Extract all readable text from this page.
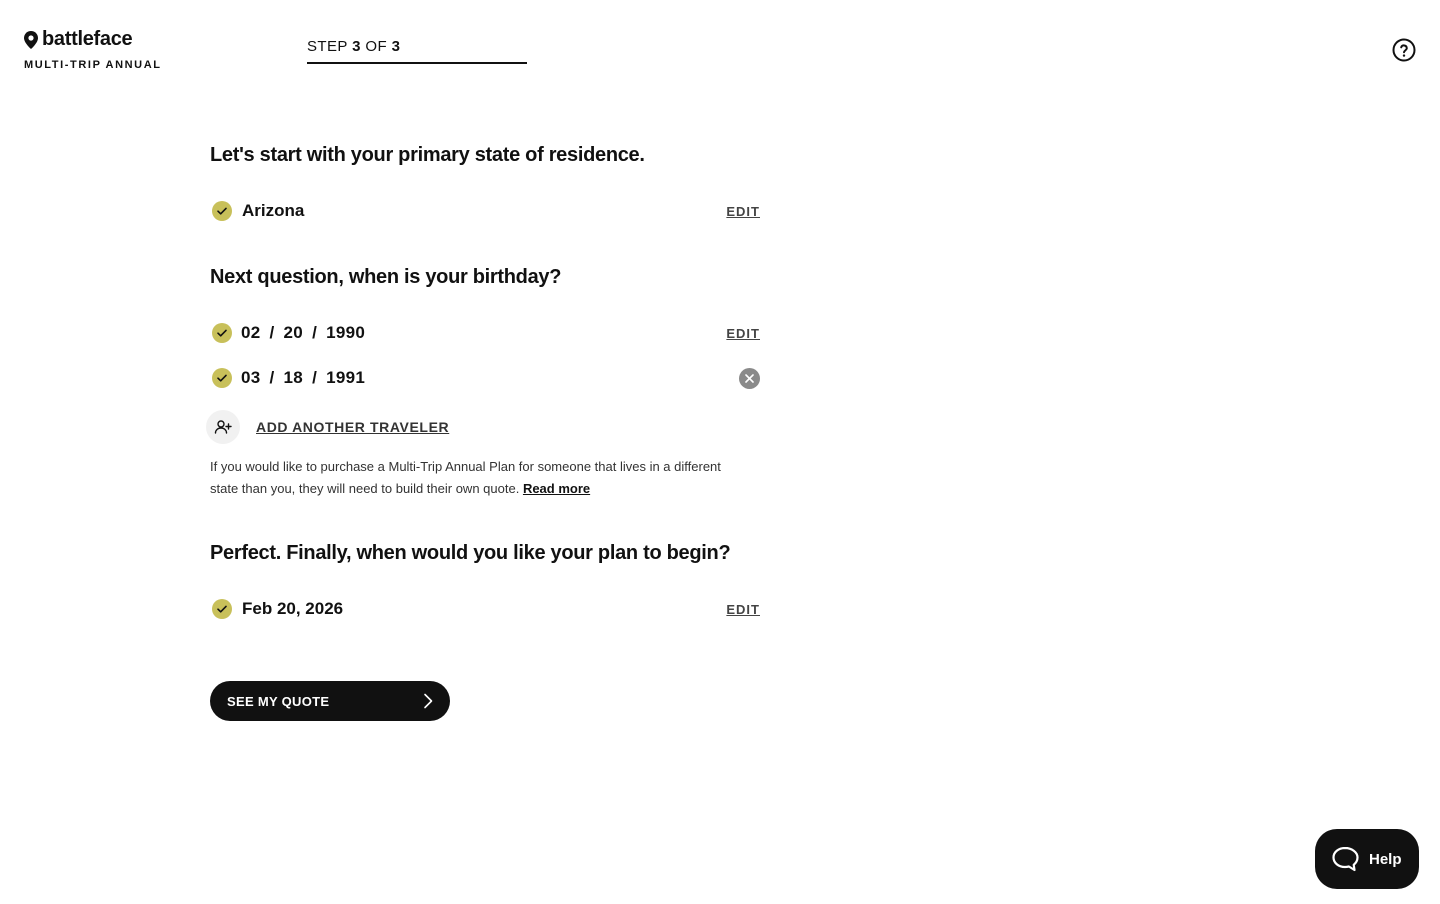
battleface
MULTI-TRIP ANNUAL
STEP 3 OF 3
Let's start with your primary state of residence.
Arizona	EDIT
Next question, when is your birthday?
02 / 20 / 1990	EDIT
03 / 18 / 1991
ADD ANOTHER TRAVELER

If you would like to purchase a Multi-Trip Annual Plan for someone that lives in a different state than you, they will need to build their own quote. Read more

Perfect. Finally, when would you like your plan to begin?
Feb 20, 2026	EDIT
SEE MY QUOTE
Help
